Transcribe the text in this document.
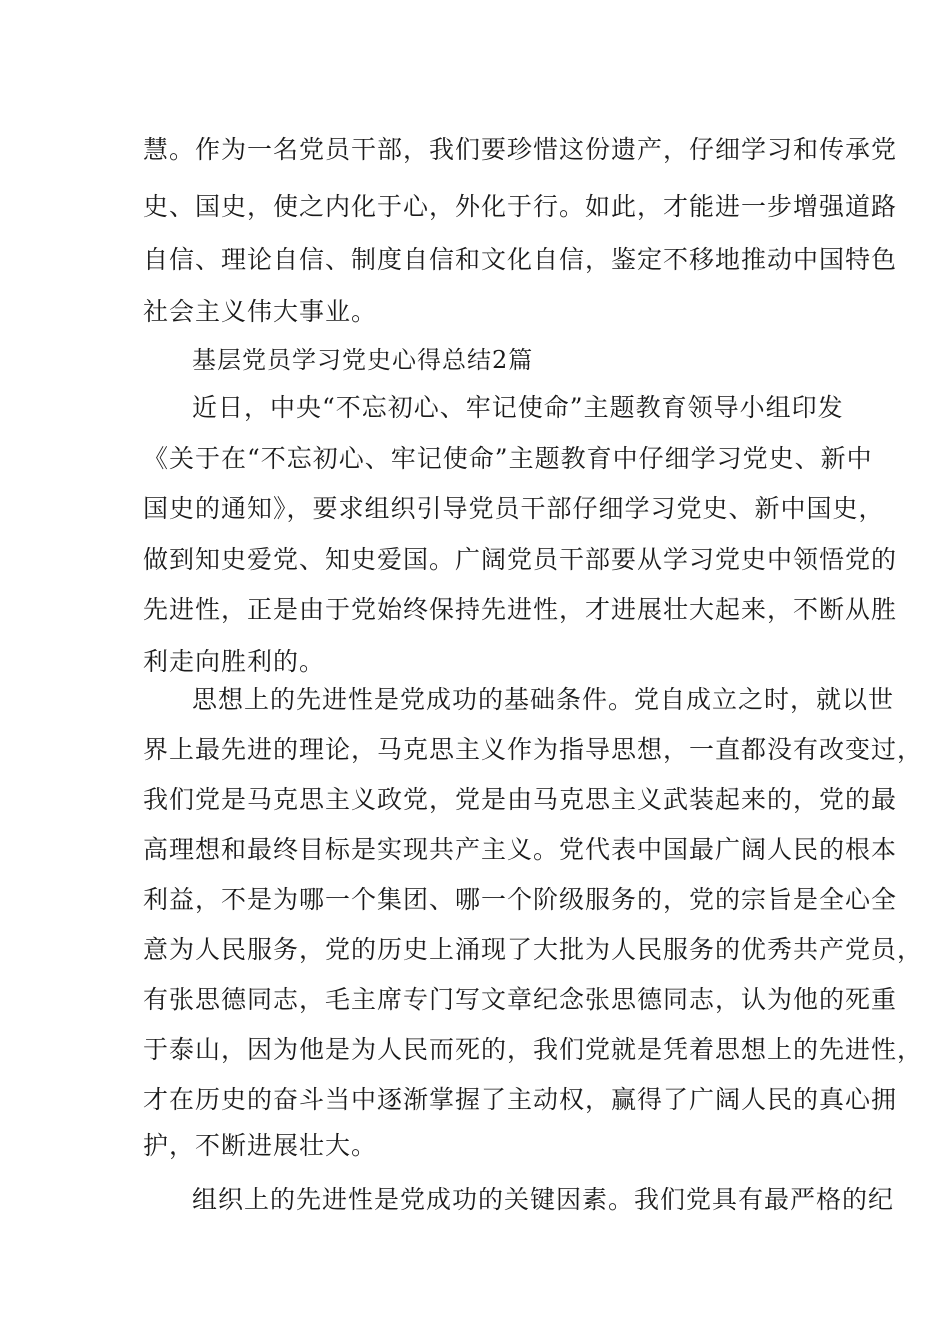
慧。作为一名党员干部，我们要珍惜这份遗产，仔细学习和传承党
史、国史，使之内化于心，外化于行。如此，才能进一步增强道路
自信、理论自信、制度自信和文化自信，鉴定不移地推动中国特色
社会主义伟大事业。
基层党员学习党史心得总结2篇
近日，中央“不忘初心、牢记使命”主题教育领导小组印发
《关于在“不忘初心、牢记使命”主题教育中仔细学习党史、新中
国史的通知》，要求组织引导党员干部仔细学习党史、新中国史，
做到知史爱党、知史爱国。广阔党员干部要从学习党史中领悟党的
先进性，正是由于党始终保持先进性，才进展壮大起来，不断从胜
利走向胜利的。
思想上的先进性是党成功的基础条件。党自成立之时，就以世
界上最先进的理论，马克思主义作为指导思想，一直都没有改变过，
我们党是马克思主义政党，党是由马克思主义武装起来的，党的最
高理想和最终目标是实现共产主义。党代表中国最广阔人民的根本
利益，不是为哪一个集团、哪一个阶级服务的，党的宗旨是全心全
意为人民服务，党的历史上涌现了大批为人民服务的优秀共产党员，
有张思德同志，毛主席专门写文章纪念张思德同志，认为他的死重
于泰山，因为他是为人民而死的，我们党就是凭着思想上的先进性，
才在历史的奋斗当中逐渐掌握了主动权，赢得了广阔人民的真心拥
护，不断进展壮大。
组织上的先进性是党成功的关键因素。我们党具有最严格的纪
